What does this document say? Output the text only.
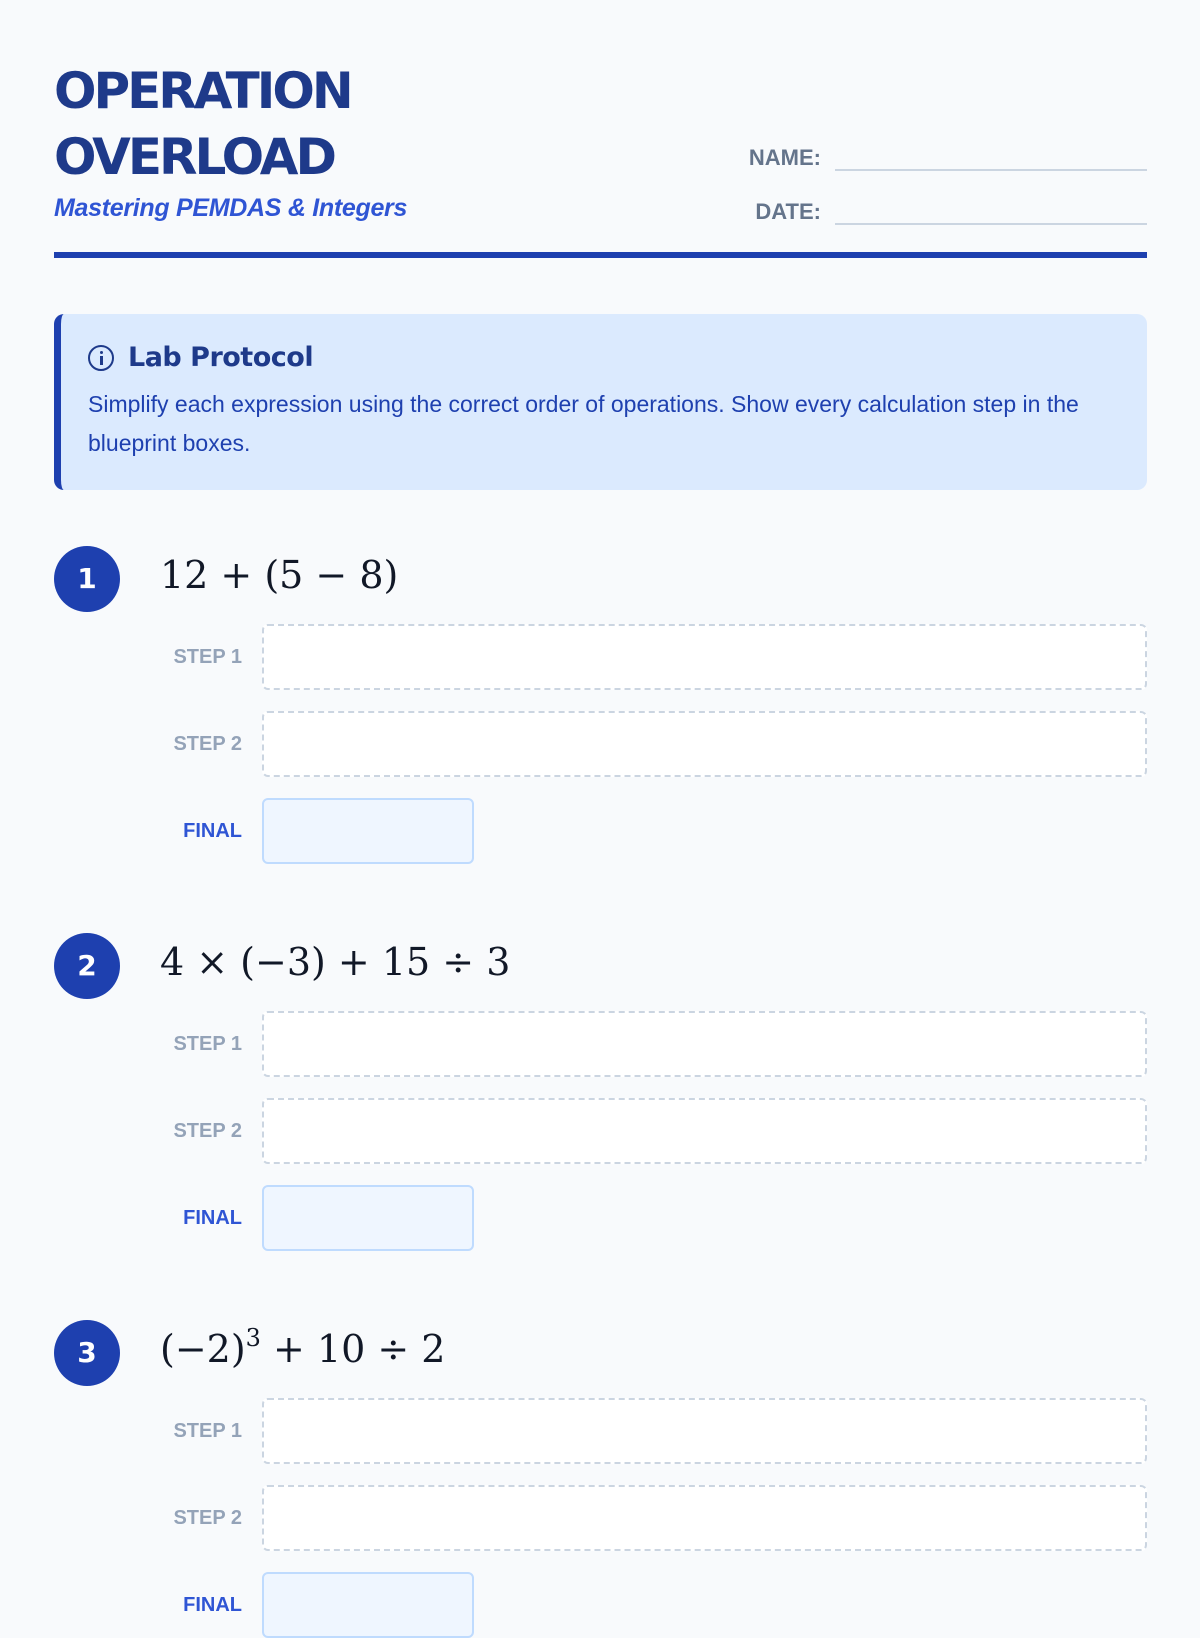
OPERATION
OVERLOAD
Mastering PEMDAS & Integers
NAME:
DATE:
Lab Protocol
Simplify each expression using the correct order of operations. Show every calculation step in the blueprint boxes.
1	12 + (5 − 8)
STEP 1
STEP 2
FINAL
2	4 × (−3) + 15 ÷ 3
STEP 1
STEP 2
FINAL
3	$(-2)^3 + 10 \div 2$
STEP 1
STEP 2
FINAL
